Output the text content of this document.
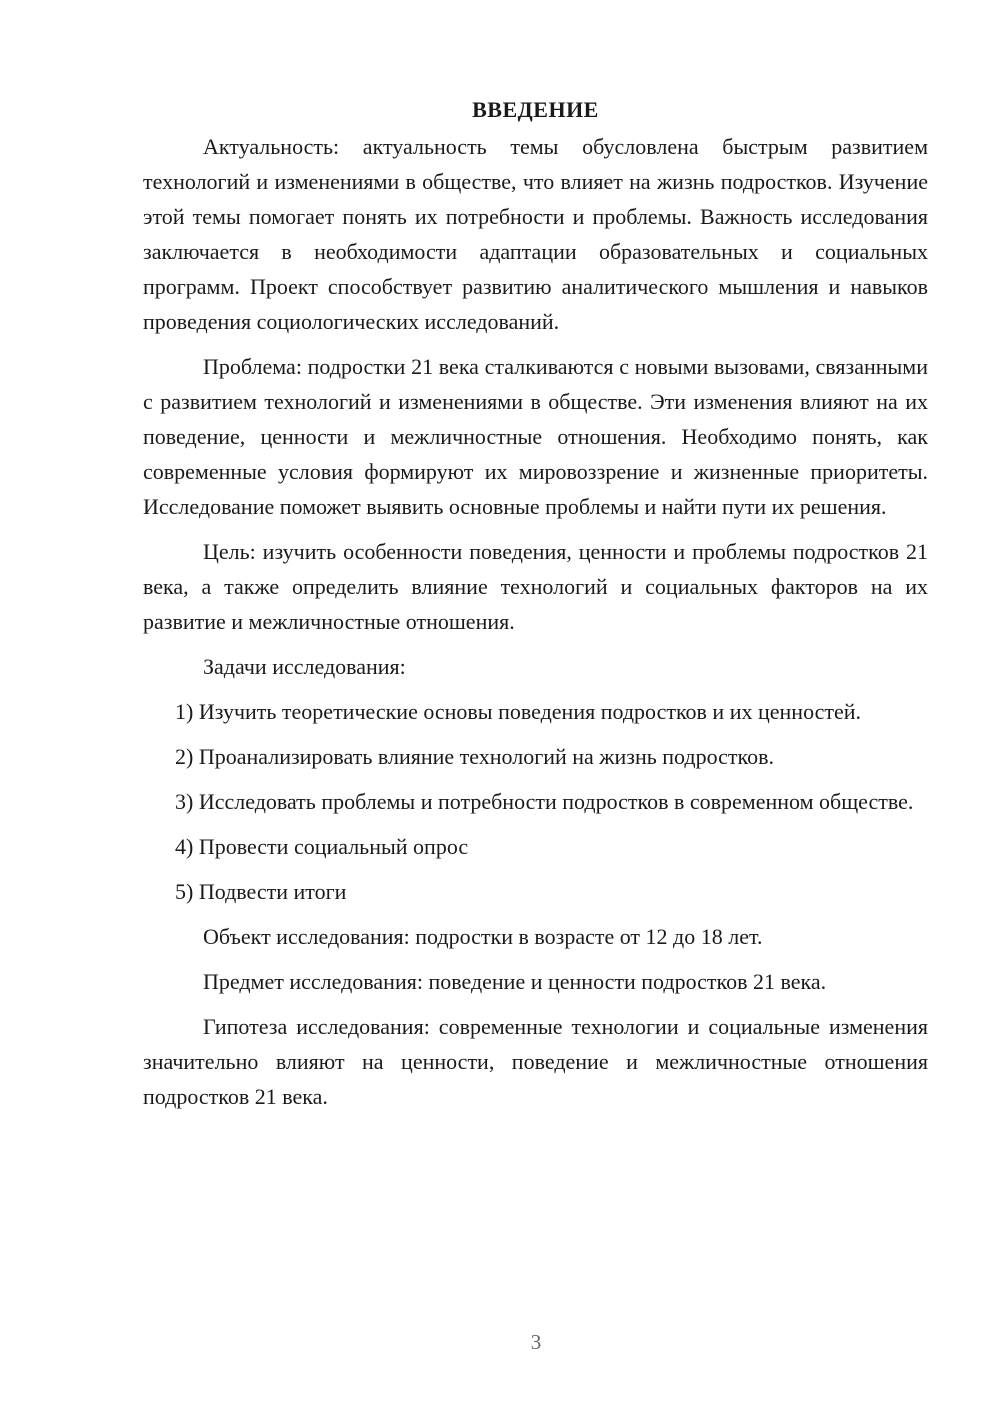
ВВЕДЕНИЕ

Актуальность: актуальность темы обусловлена быстрым развитием технологий и изменениями в обществе, что влияет на жизнь подростков. Изучение этой темы помогает понять их потребности и проблемы. Важность исследования заключается в необходимости адаптации образовательных и социальных программ. Проект способствует развитию аналитического мышления и навыков проведения социологических исследований.

Проблема: подростки 21 века сталкиваются с новыми вызовами, связанными с развитием технологий и изменениями в обществе. Эти изменения влияют на их поведение, ценности и межличностные отношения. Необходимо понять, как современные условия формируют их мировоззрение и жизненные приоритеты. Исследование поможет выявить основные проблемы и найти пути их решения.

Цель: изучить особенности поведения, ценности и проблемы подростков 21 века, а также определить влияние технологий и социальных факторов на их развитие и межличностные отношения.

Задачи исследования:

1) Изучить теоретические основы поведения подростков и их ценностей.

2) Проанализировать влияние технологий на жизнь подростков.

3) Исследовать проблемы и потребности подростков в современном обществе.

4) Провести социальный опрос

5) Подвести итоги

Объект исследования: подростки в возрасте от 12 до 18 лет.

Предмет исследования: поведение и ценности подростков 21 века.

Гипотеза исследования: современные технологии и социальные изменения значительно влияют на ценности, поведение и межличностные отношения подростков 21 века.

3
